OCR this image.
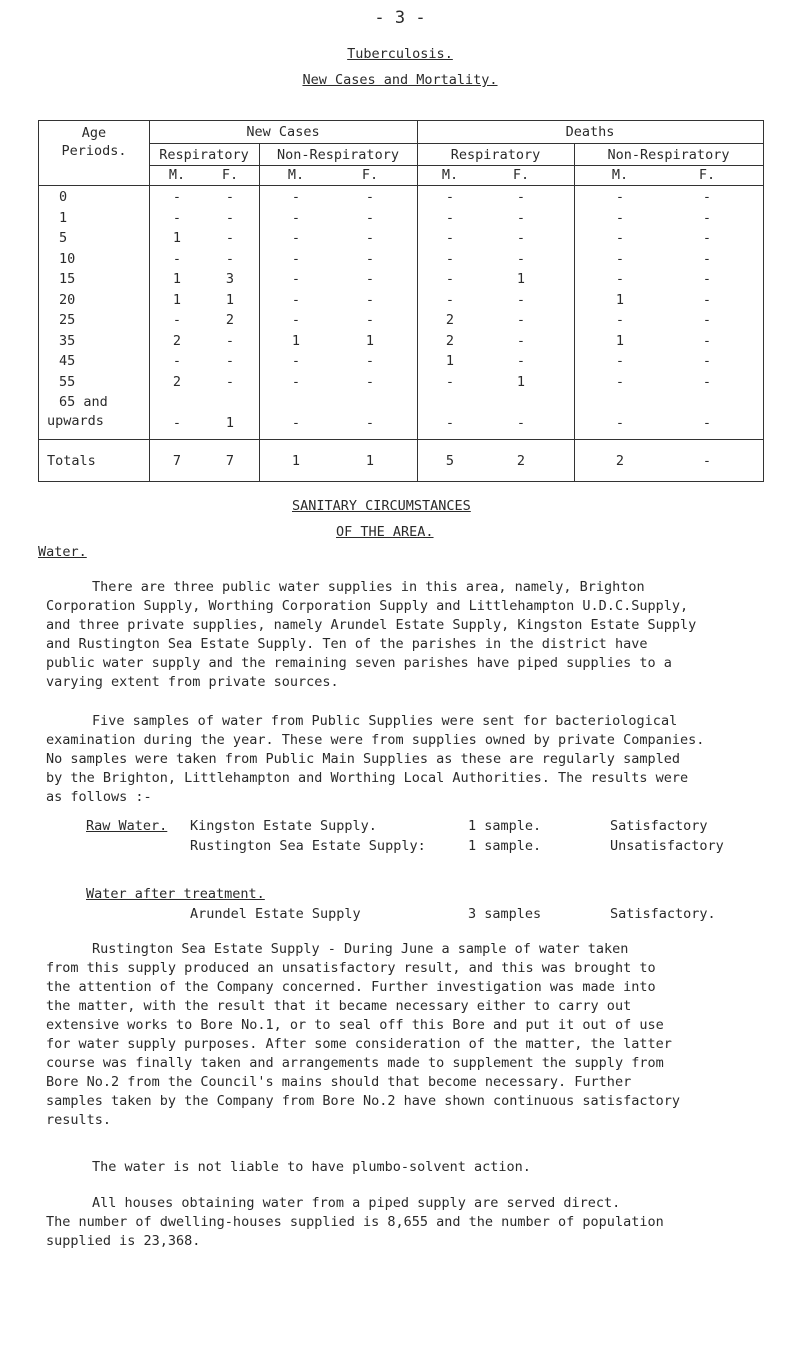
- 3 -
Tuberculosis.
New Cases and Mortality.
Age
Periods.
New Cases	Deaths
Respiratory	Non-Respiratory	Respiratory	Non-Respiratory
M.	F.	M.	F.	M.	F.	M.	F.
0	-	-	-	-	-	-	-	-
1	-	-	-	-	-	-	-	-
5	1	-	-	-	-	-	-	-
10	-	-	-	-	-	-	-	-
15	1	3	-	-	-	1	-	-
20	1	1	-	-	-	-	1	-
25	-	2	-	-	2	-	-	-
35	2	-	1	1	2	-	1	-
45	-	-	-	-	1	-	-	-
55	2	-	-	-	-	1	-	-
65 and
upwards	-	1	-	-	-	-	-	-
Totals	7	7	1	1	5	2	2	-
SANITARY CIRCUMSTANCES
OF THE AREA.
Water.

There are three public water supplies in this area, namely, Brighton
Corporation Supply, Worthing Corporation Supply and Littlehampton U.D.C.Supply,
and three private supplies, namely Arundel Estate Supply, Kingston Estate Supply
and Rustington Sea Estate Supply. Ten of the parishes in the district have
public water supply and the remaining seven parishes have piped supplies to a
varying extent from private sources.

Five samples of water from Public Supplies were sent for bacteriological
examination during the year. These were from supplies owned by private Companies.
No samples were taken from Public Main Supplies as these are regularly sampled
by the Brighton, Littlehampton and Worthing Local Authorities. The results were
as follows :-

Raw Water. Kingston Estate Supply.	1 sample.	Satisfactory
Rustington Sea Estate Supply:	1 sample.	Unsatisfactory
Water after treatment.
Arundel Estate Supply	3 samples	Satisfactory.

Rustington Sea Estate Supply - During June a sample of water taken
from this supply produced an unsatisfactory result, and this was brought to
the attention of the Company concerned. Further investigation was made into
the matter, with the result that it became necessary either to carry out
extensive works to Bore No.1, or to seal off this Bore and put it out of use
for water supply purposes. After some consideration of the matter, the latter
course was finally taken and arrangements made to supplement the supply from
Bore No.2 from the Council's mains should that become necessary. Further
samples taken by the Company from Bore No.2 have shown continuous satisfactory
results.

The water is not liable to have plumbo-solvent action.

All houses obtaining water from a piped supply are served direct.
The number of dwelling-houses supplied is 8,655 and the number of population
supplied is 23,368.
